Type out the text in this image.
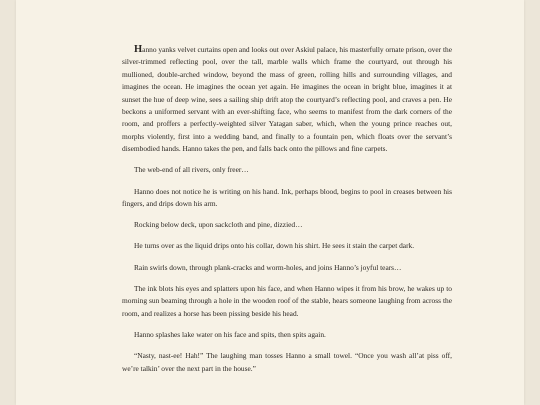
Hanno yanks velvet curtains open and looks out over Askiul palace, his masterfully ornate prison, over the silver-trimmed reflecting pool, over the tall, marble walls which frame the courtyard, out through his mullioned, double-arched window, beyond the mass of green, rolling hills and surrounding villages, and imagines the ocean. He imagines the ocean yet again. He imagines the ocean in bright blue, imagines it at sunset the hue of deep wine, sees a sailing ship drift atop the courtyard’s reflecting pool, and craves a pen. He beckons a uniformed servant with an ever-shifting face, who seems to manifest from the dark corners of the room, and proffers a perfectly-weighted silver Yatagan saber, which, when the young prince reaches out, morphs violently, first into a wedding band, and finally to a fountain pen, which floats over the servant’s disembodied hands. Hanno takes the pen, and falls back onto the pillows and fine carpets.

The web-end of all rivers, only freer…

Hanno does not notice he is writing on his hand. Ink, perhaps blood, begins to pool in creases between his fingers, and drips down his arm.

Rocking below deck, upon sackcloth and pine, dizzied…

He turns over as the liquid drips onto his collar, down his shirt. He sees it stain the carpet dark.

Rain swirls down, through plank-cracks and worm-holes, and joins Hanno’s joyful tears…

The ink blots his eyes and splatters upon his face, and when Hanno wipes it from his brow, he wakes up to morning sun beaming through a hole in the wooden roof of the stable, hears someone laughing from across the room, and realizes a horse has been pissing beside his head.

Hanno splashes lake water on his face and spits, then spits again.

“Nasty, nast-ee! Hah!” The laughing man tosses Hanno a small towel. “Once you wash all’at piss off, we’re talkin’ over the next part in the house.”
